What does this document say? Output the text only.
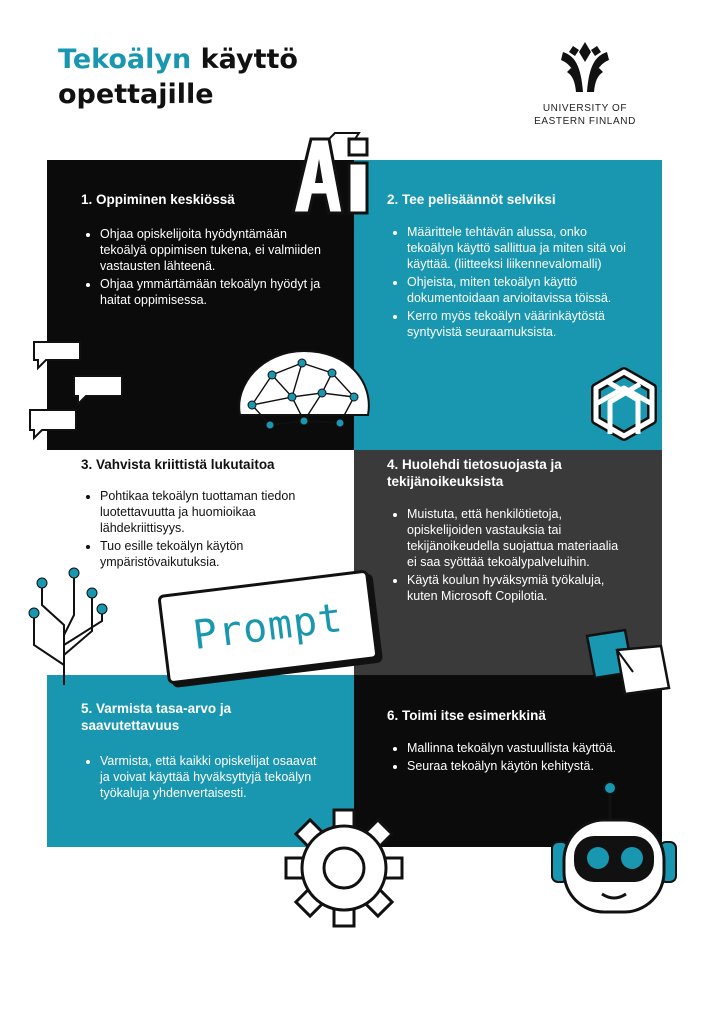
Tekoälyn käyttö
opettajille	UNIVERSITY OF
EASTERN FINLAND
1. Oppiminen keskiössä
• Ohjaa opiskelijoita hyödyntämään tekoälyä oppimisen tukena, ei valmiiden vastausten lähteenä.
• Ohjaa ymmärtämään tekoälyn hyödyt ja haitat oppimisessa.
2. Tee pelisäännöt selviksi
• Määrittele tehtävän alussa, onko tekoälyn käyttö sallittua ja miten sitä voi käyttää. (liitteeksi liikennevalomalli)
• Ohjeista, miten tekoälyn käyttö dokumentoidaan arvioitavissa töissä.
• Kerro myös tekoälyn väärinkäytöstä syntyvistä seuraamuksista.
3. Vahvista kriittistä lukutaitoa
• Pohtikaa tekoälyn tuottaman tiedon luotettavuutta ja huomioikaa lähdekriittisyys.
• Tuo esille tekoälyn käytön ympäristövaikutuksia.
4. Huolehdi tietosuojasta ja tekijänoikeuksista
• Muistuta, että henkilötietoja, opiskelijoiden vastauksia tai tekijänoikeudella suojattua materiaalia ei saa syöttää tekoälypalveluihin.
• Käytä koulun hyväksymiä työkaluja, kuten Microsoft Copilotia.
5. Varmista tasa-arvo ja saavutettavuus
• Varmista, että kaikki opiskelijat osaavat ja voivat käyttää hyväksyttyjä tekoälyn työkaluja yhdenvertaisesti.
6. Toimi itse esimerkkinä
• Mallinna tekoälyn vastuullista käyttöä.
• Seuraa tekoälyn käytön kehitystä.
Prompt
